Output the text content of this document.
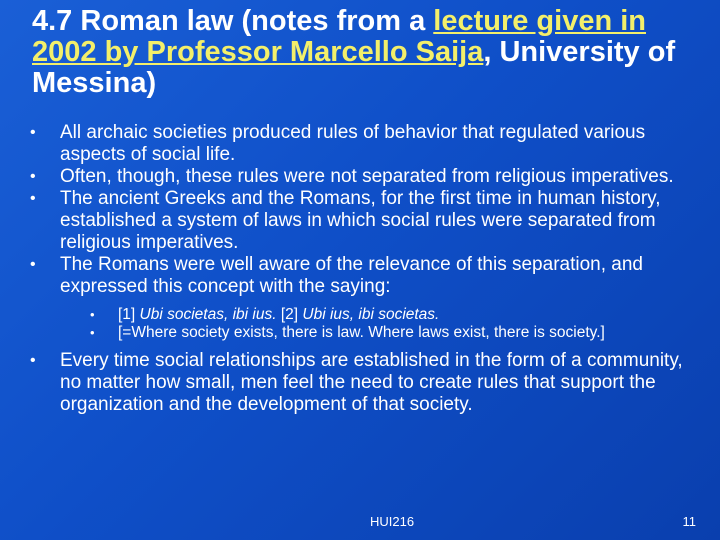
4.7 Roman law (notes from a lecture given in 2002 by Professor Marcello Saija, University of Messina)
• All archaic societies produced rules of behavior that regulated various aspects of social life.
• Often, though, these rules were not separated from religious imperatives.
• The ancient Greeks and the Romans, for the first time in human history, established a system of laws in which social rules were separated from religious imperatives.
• The Romans were well aware of the relevance of this separation, and expressed this concept with the saying:
• [1] Ubi societas, ibi ius. [2] Ubi ius, ibi societas.
• [=Where society exists, there is law. Where laws exist, there is society.]
• Every time social relationships are established in the form of a community, no matter how small, men feel the need to create rules that support the organization and the development of that society.
HUI216	11
